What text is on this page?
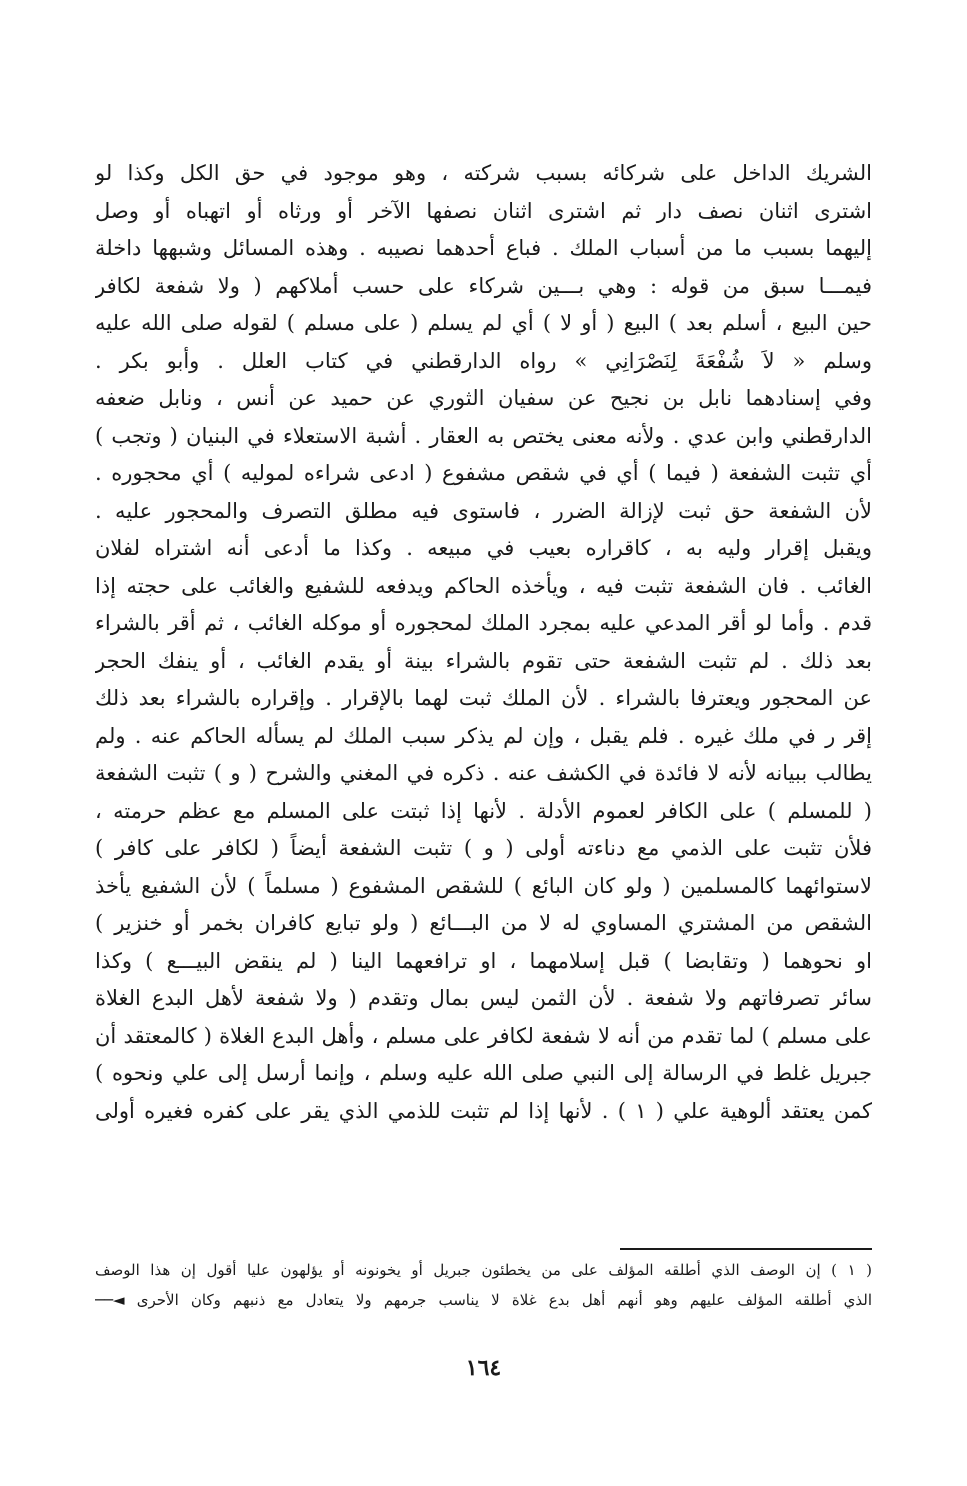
الشريك الداخل على شركائه بسبب شركته ، وهو موجود في حق الكل وكذا لو
اشترى اثنان نصف دار ثم اشترى اثنان نصفها الآخر أو ورثاه أو اتهباه أو وصل
إليهما بسبب ما من أسباب الملك . فباع أحدهما نصيبه . وهذه المسائل وشبهها داخلة
فيمـــا سبق من قوله : وهي بـــين شركاء على حسب أملاكهم ( ولا شفعة لكافر
حين البيع ، أسلم بعد ) البيع ( أو لا ) أي لم يسلم ( على مسلم ) لقوله صلى الله عليه
وسلم « لاَ شُفْعَةَ لِنَصْرَانِي » رواه الدارقطني في كتاب العلل . وأبو بكر .
وفي إسنادهما نابل بن نجيح عن سفيان الثوري عن حميد عن أنس ، ونابل ضعفه
الدارقطني وابن عدي . ولأنه معنى يختص به العقار . أشبة الاستعلاء في البنيان ( وتجب )
أي تثبت الشفعة ( فيما ) أي في شقص مشفوع ( ادعى شراءه لموليه ) أي محجوره .
لأن الشفعة حق ثبت لإزالة الضرر ، فاستوى فيه مطلق التصرف والمحجور عليه .
ويقبل إقرار وليه به ، كاقراره بعيب في مبيعه . وكذا ما أدعى أنه اشتراه لفلان
الغائب . فان الشفعة تثبت فيه ، ويأخذه الحاكم ويدفعه للشفيع والغائب على حجته إذا
قدم . وأما لو أقر المدعي عليه بمجرد الملك لمحجوره أو موكله الغائب ، ثم أقر بالشراء
بعد ذلك . لم تثبت الشفعة حتى تقوم بالشراء بينة أو يقدم الغائب ، أو ينفك الحجر
عن المحجور ويعترفا بالشراء . لأن الملك ثبت لهما بالإقرار . وإقراره بالشراء بعد ذلك
إقر ر في ملك غيره . فلم يقبل ، وإن لم يذكر سبب الملك لم يسأله الحاكم عنه . ولم
يطالب ببيانه لأنه لا فائدة في الكشف عنه . ذكره في المغني والشرح ( و ) تثبت الشفعة
( للمسلم ) على الكافر لعموم الأدلة . لأنها إذا ثبتت على المسلم مع عظم حرمته ،
فلأن تثبت على الذمي مع دناءته أولى ( و ) تثبت الشفعة أيضاً ( لكافر على كافر )
لاستوائهما كالمسلمين ( ولو كان البائع ) للشقص المشفوع ( مسلماً ) لأن الشفيع يأخذ
الشقص من المشتري المساوي له لا من البـــائع ( ولو تبايع كافران بخمر أو خنزير )
او نحوهما ( وتقابضا ) قبل إسلامهما ، او ترافعهما الينا ( لم ينقض البيـــع ) وكذا
سائر تصرفاتهم ولا شفعة . لأن الثمن ليس بمال وتقدم ( ولا شفعة لأهل البدع الغلاة
على مسلم ) لما تقدم من أنه لا شفعة لكافر على مسلم ، وأهل البدع الغلاة ( كالمعتقد أن
جبريل غلط في الرسالة إلى النبي صلى الله عليه وسلم ، وإنما أرسل إلى علي ونحوه )
كمن يعتقد ألوهية علي ( ١ ) . لأنها إذا لم تثبت للذمي الذي يقر على كفره فغيره أولى
( ١ ) إن الوصف الذي أطلقه المؤلف على من يخطئون جبريل أو يخونونه أو يؤلهون عليا أقول إن هذا الوصف
الذي أطلقه المؤلف عليهم وهو أنهم أهل بدع غلاة لا يناسب جرمهم ولا يتعادل مع ذنبهم وكان الأحرى ◄──
١٦٤
